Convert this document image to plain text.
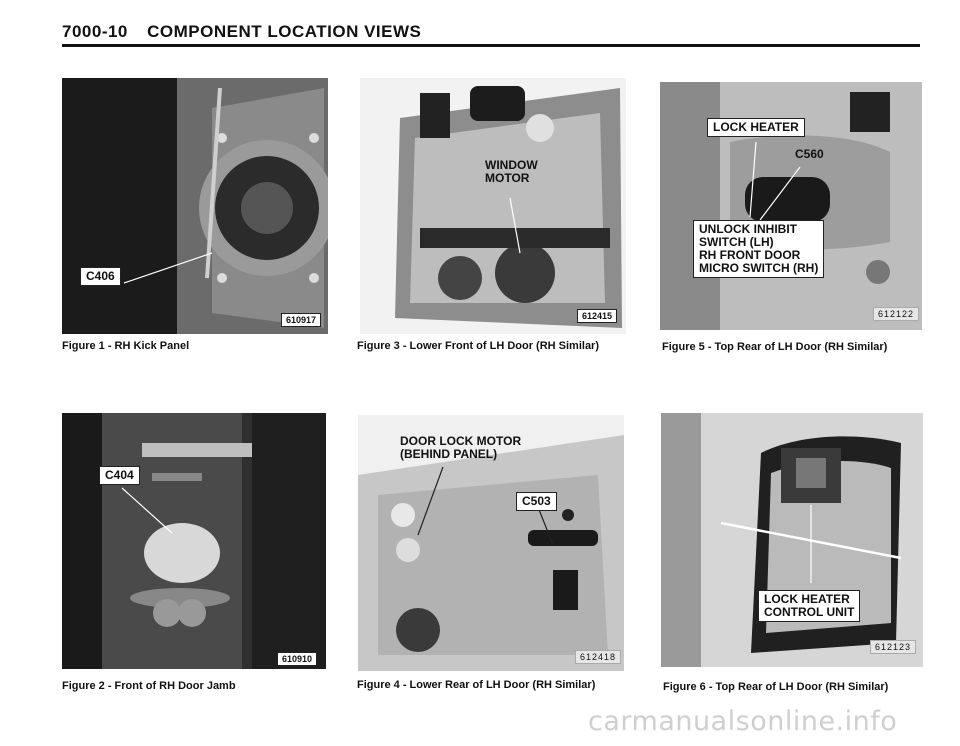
7000-10 COMPONENT LOCATION VIEWS
C406
610917
Figure 1 - RH Kick Panel
WINDOW
MOTOR
612415
Figure 3 - Lower Front of LH Door (RH Similar)
LOCK HEATER
C560
UNLOCK INHIBIT
SWITCH (LH)
RH FRONT DOOR
MICRO SWITCH (RH)
612122
Figure 5 - Top Rear of LH Door (RH Similar)
C404
610910
Figure 2 - Front of RH Door Jamb
DOOR LOCK MOTOR
(BEHIND PANEL)
C503
612418
Figure 4 - Lower Rear of LH Door (RH Similar)
LOCK HEATER
CONTROL UNIT
612123
Figure 6 - Top Rear of LH Door (RH Similar)
carmanualsonline.info
